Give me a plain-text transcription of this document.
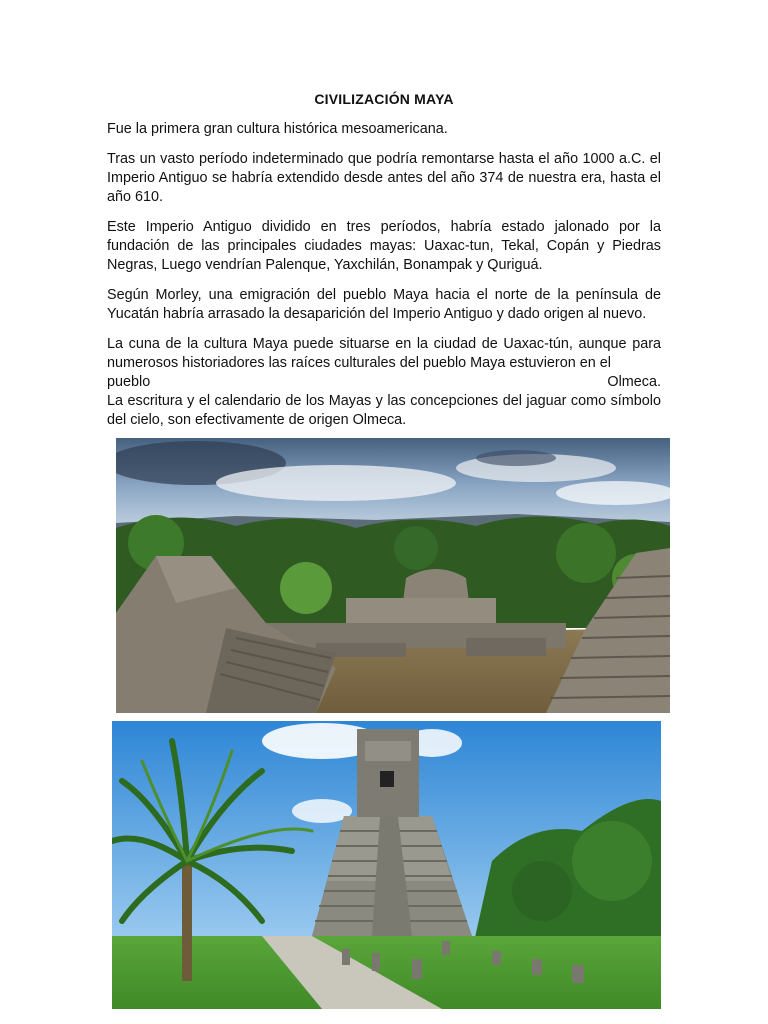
CIVILIZACIÓN MAYA

Fue la primera gran cultura histórica mesoamericana.

Tras un vasto período indeterminado que podría remontarse hasta el año 1000 a.C. el Imperio Antiguo se habría extendido desde antes del año 374 de nuestra era, hasta el año 610.

Este Imperio Antiguo dividido en tres períodos, habría estado jalonado por la fundación de las principales ciudades mayas: Uaxac-tun, Tekal, Copán y Piedras Negras, Luego vendrían Palenque, Yaxchilán, Bonampak y Quriguá.

Según Morley, una emigración del pueblo Maya hacia el norte de la península de Yucatán habría arrasado la desaparición del Imperio Antiguo y dado origen al nuevo.

La cuna de la cultura Maya puede situarse en la ciudad de Uaxac-tún, aunque para numerosos historiadores las raíces culturales del pueblo Maya estuvieron en el
pueblo	Olmeca.
La escritura y el calendario de los Mayas y las concepciones del jaguar como símbolo del cielo, son efectivamente de origen Olmeca.
